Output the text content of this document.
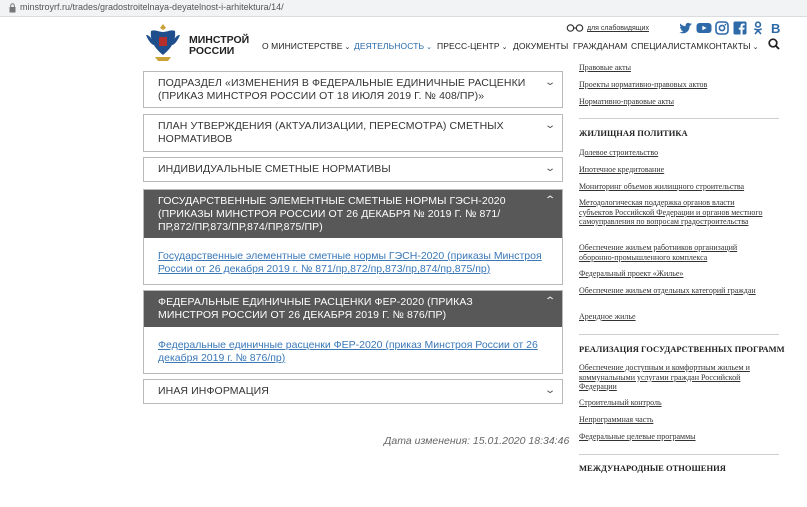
minstroyrf.ru/trades/gradostroitelnaya-deyatelnost-i-arhitektura/14/
МИНСТРОЙ
РОССИИ
для слабовидящих	B
О МИНИСТЕРСТВЕ ⌄ ДЕЯТЕЛЬНОСТЬ ⌄ ПРЕСС-ЦЕНТР ⌄ ДОКУМЕНТЫ ГРАЖДАНАМ СПЕЦИАЛИСТАМ КОНТАКТЫ ⌄
ПОДРАЗДЕЛ «ИЗМЕНЕНИЯ В ФЕДЕРАЛЬНЫЕ ЕДИНИЧНЫЕ РАСЦЕНКИ (ПРИКАЗ МИНСТРОЯ РОССИИ ОТ 18 ИЮЛЯ 2019 Г. № 408/ПР)»
⌄
ПЛАН УТВЕРЖДЕНИЯ (АКТУАЛИЗАЦИИ, ПЕРЕСМОТРА) СМЕТНЫХ НОРМАТИВОВ
⌄
ИНДИВИДУАЛЬНЫЕ СМЕТНЫЕ НОРМАТИВЫ	⌄
ГОСУДАРСТВЕННЫЕ ЭЛЕМЕНТНЫЕ СМЕТНЫЕ НОРМЫ ГЭСН-2020 (ПРИКАЗЫ МИНСТРОЯ РОССИИ ОТ 26 ДЕКАБРЯ № 2019 Г. № 871/ПР,872/ПР,873/ПР,874/ПР,875/ПР)
⌃
Государственные элементные сметные нормы ГЭСН-2020 (приказы Минстроя России от 26 декабря 2019 г. № 871/пр,872/пр,873/пр,874/пр,875/пр)
ФЕДЕРАЛЬНЫЕ ЕДИНИЧНЫЕ РАСЦЕНКИ ФЕР-2020 (ПРИКАЗ МИНСТРОЯ РОССИИ ОТ 26 ДЕКАБРЯ 2019 Г. № 876/ПР)
⌃
Федеральные единичные расценки ФЕР-2020 (приказ Минстроя России от 26 декабря 2019 г. № 876/пр)
ИНАЯ ИНФОРМАЦИЯ	⌄
Дата изменения: 15.01.2020 18:34:46
Правовые акты
Проекты нормативно-правовых актов
Нормативно-правовые акты
ЖИЛИЩНАЯ ПОЛИТИКА
Долевое строительство
Ипотечное кредитование
Мониторинг объемов жилищного строительства
Методологическая поддержка органов власти субъектов Российской Федерации и органов местного самоуправления по вопросам градостроительства
Обеспечение жильем работников организаций оборонно-промышленного комплекса
Федеральный проект «Жилье»
Обеспечение жильем отдельных категорий граждан
Арендное жилье
РЕАЛИЗАЦИЯ ГОСУДАРСТВЕННЫХ ПРОГРАММ
Обеспечение доступным и комфортным жильем и коммунальными услугами граждан Российской Федерации
Строительный контроль
Непрограммная часть
Федеральные целевые программы
МЕЖДУНАРОДНЫЕ ОТНОШЕНИЯ
